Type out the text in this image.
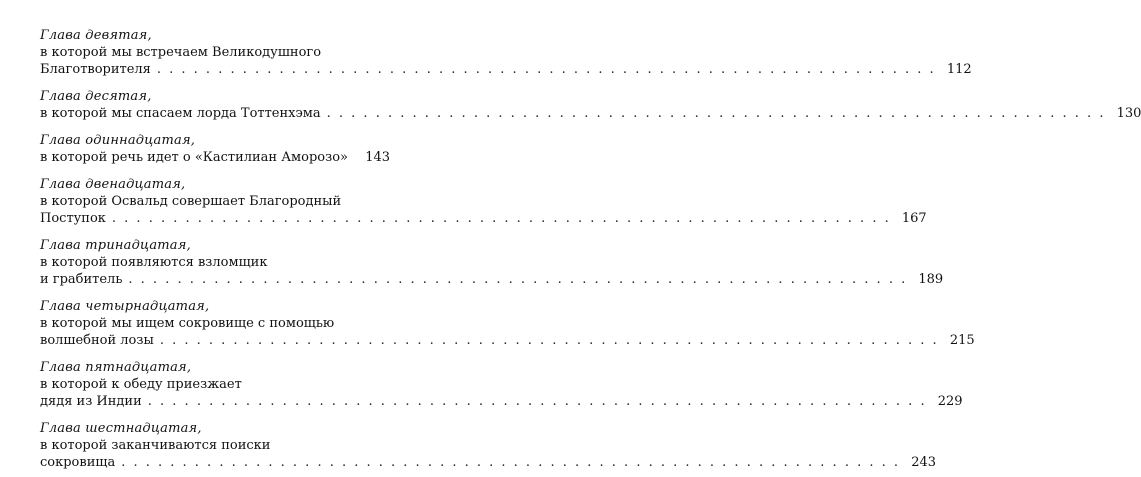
Глава девятая,
в которой мы встречаем Великодушного
Благотворителя . . . . . . . . . . . . . . . . . . . . . . . . . . . . . . . . . . . . . . . . . . . . . . . . . . . . . . . . . . . . . . . . 112
Глава десятая,
в которой мы спасаем лорда Тоттенхэма . . . . . . . . . . . . . . . . . . . . . . . . . . . . . . . . . . . . . . . . . . . . . . . . . . . . . . . . . . . . . . . . 130
Глава одиннадцатая,
в которой речь идет о «Кастилиан Аморозо»	143
Глава двенадцатая,
в которой Освальд совершает Благородный
Поступок . . . . . . . . . . . . . . . . . . . . . . . . . . . . . . . . . . . . . . . . . . . . . . . . . . . . . . . . . . . . . . . . 167
Глава тринадцатая,
в которой появляются взломщик
и грабитель . . . . . . . . . . . . . . . . . . . . . . . . . . . . . . . . . . . . . . . . . . . . . . . . . . . . . . . . . . . . . . . . 189
Глава четырнадцатая,
в которой мы ищем сокровище с помощью
волшебной лозы . . . . . . . . . . . . . . . . . . . . . . . . . . . . . . . . . . . . . . . . . . . . . . . . . . . . . . . . . . . . . . . . 215
Глава пятнадцатая,
в которой к обеду приезжает
дядя из Индии . . . . . . . . . . . . . . . . . . . . . . . . . . . . . . . . . . . . . . . . . . . . . . . . . . . . . . . . . . . . . . . . 229
Глава шестнадцатая,
в которой заканчиваются поиски
сокровища . . . . . . . . . . . . . . . . . . . . . . . . . . . . . . . . . . . . . . . . . . . . . . . . . . . . . . . . . . . . . . . . 243
